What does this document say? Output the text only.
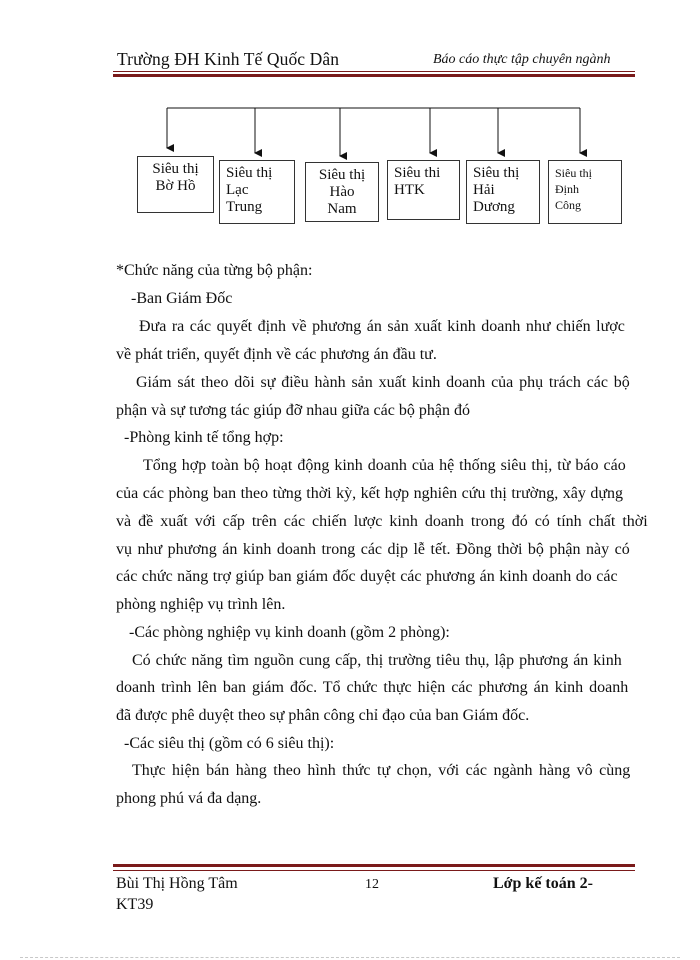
Trường ĐH Kinh Tế Quốc Dân	Báo cáo thực tập chuyên ngành
Siêu thị
Bờ Hồ
Siêu thị
Lạc
Trung
Siêu thị
Hào
Nam
Siêu thi
HTK
Siêu thị
Hải
Dương
Siêu thị
Định
Công
*Chức năng của từng bộ phận:
-Ban Giám Đốc
Đưa ra các quyết định về phương án sản xuất kinh doanh như chiến lược
về phát triển, quyết định về các phương án đầu tư.
Giám sát theo dõi sự điều hành sản xuất kinh doanh của phụ trách các bộ
phận và sự tương tác giúp đỡ nhau giữa các bộ phận đó
-Phòng kinh tế tổng hợp:
Tổng hợp toàn bộ hoạt động kinh doanh của hệ thống siêu thị, từ báo cáo
của các phòng ban theo từng thời kỳ, kết hợp nghiên cứu thị trường, xây dựng
và đề xuất với cấp trên các chiến lược kinh doanh trong đó có tính chất thời
vụ như phương án kinh doanh trong các dịp lễ tết. Đồng thời bộ phận này có
các chức năng trợ giúp ban giám đốc duyệt các phương án kinh doanh do các
phòng nghiệp vụ trình lên.
-Các phòng nghiệp vụ kinh doanh (gồm 2 phòng):
Có chức năng tìm nguồn cung cấp, thị trường tiêu thụ, lập phương án kinh
doanh trình lên ban giám đốc. Tổ chức thực hiện các phương án kinh doanh
đã được phê duyệt theo sự phân công chỉ đạo của ban Giám đốc.
-Các siêu thị (gồm có 6 siêu thị):
Thực hiện bán hàng theo hình thức tự chọn, với các ngành hàng vô cùng
phong phú vá đa dạng.
Bùi Thị Hồng Tâm	12	Lớp kế toán 2-
KT39
